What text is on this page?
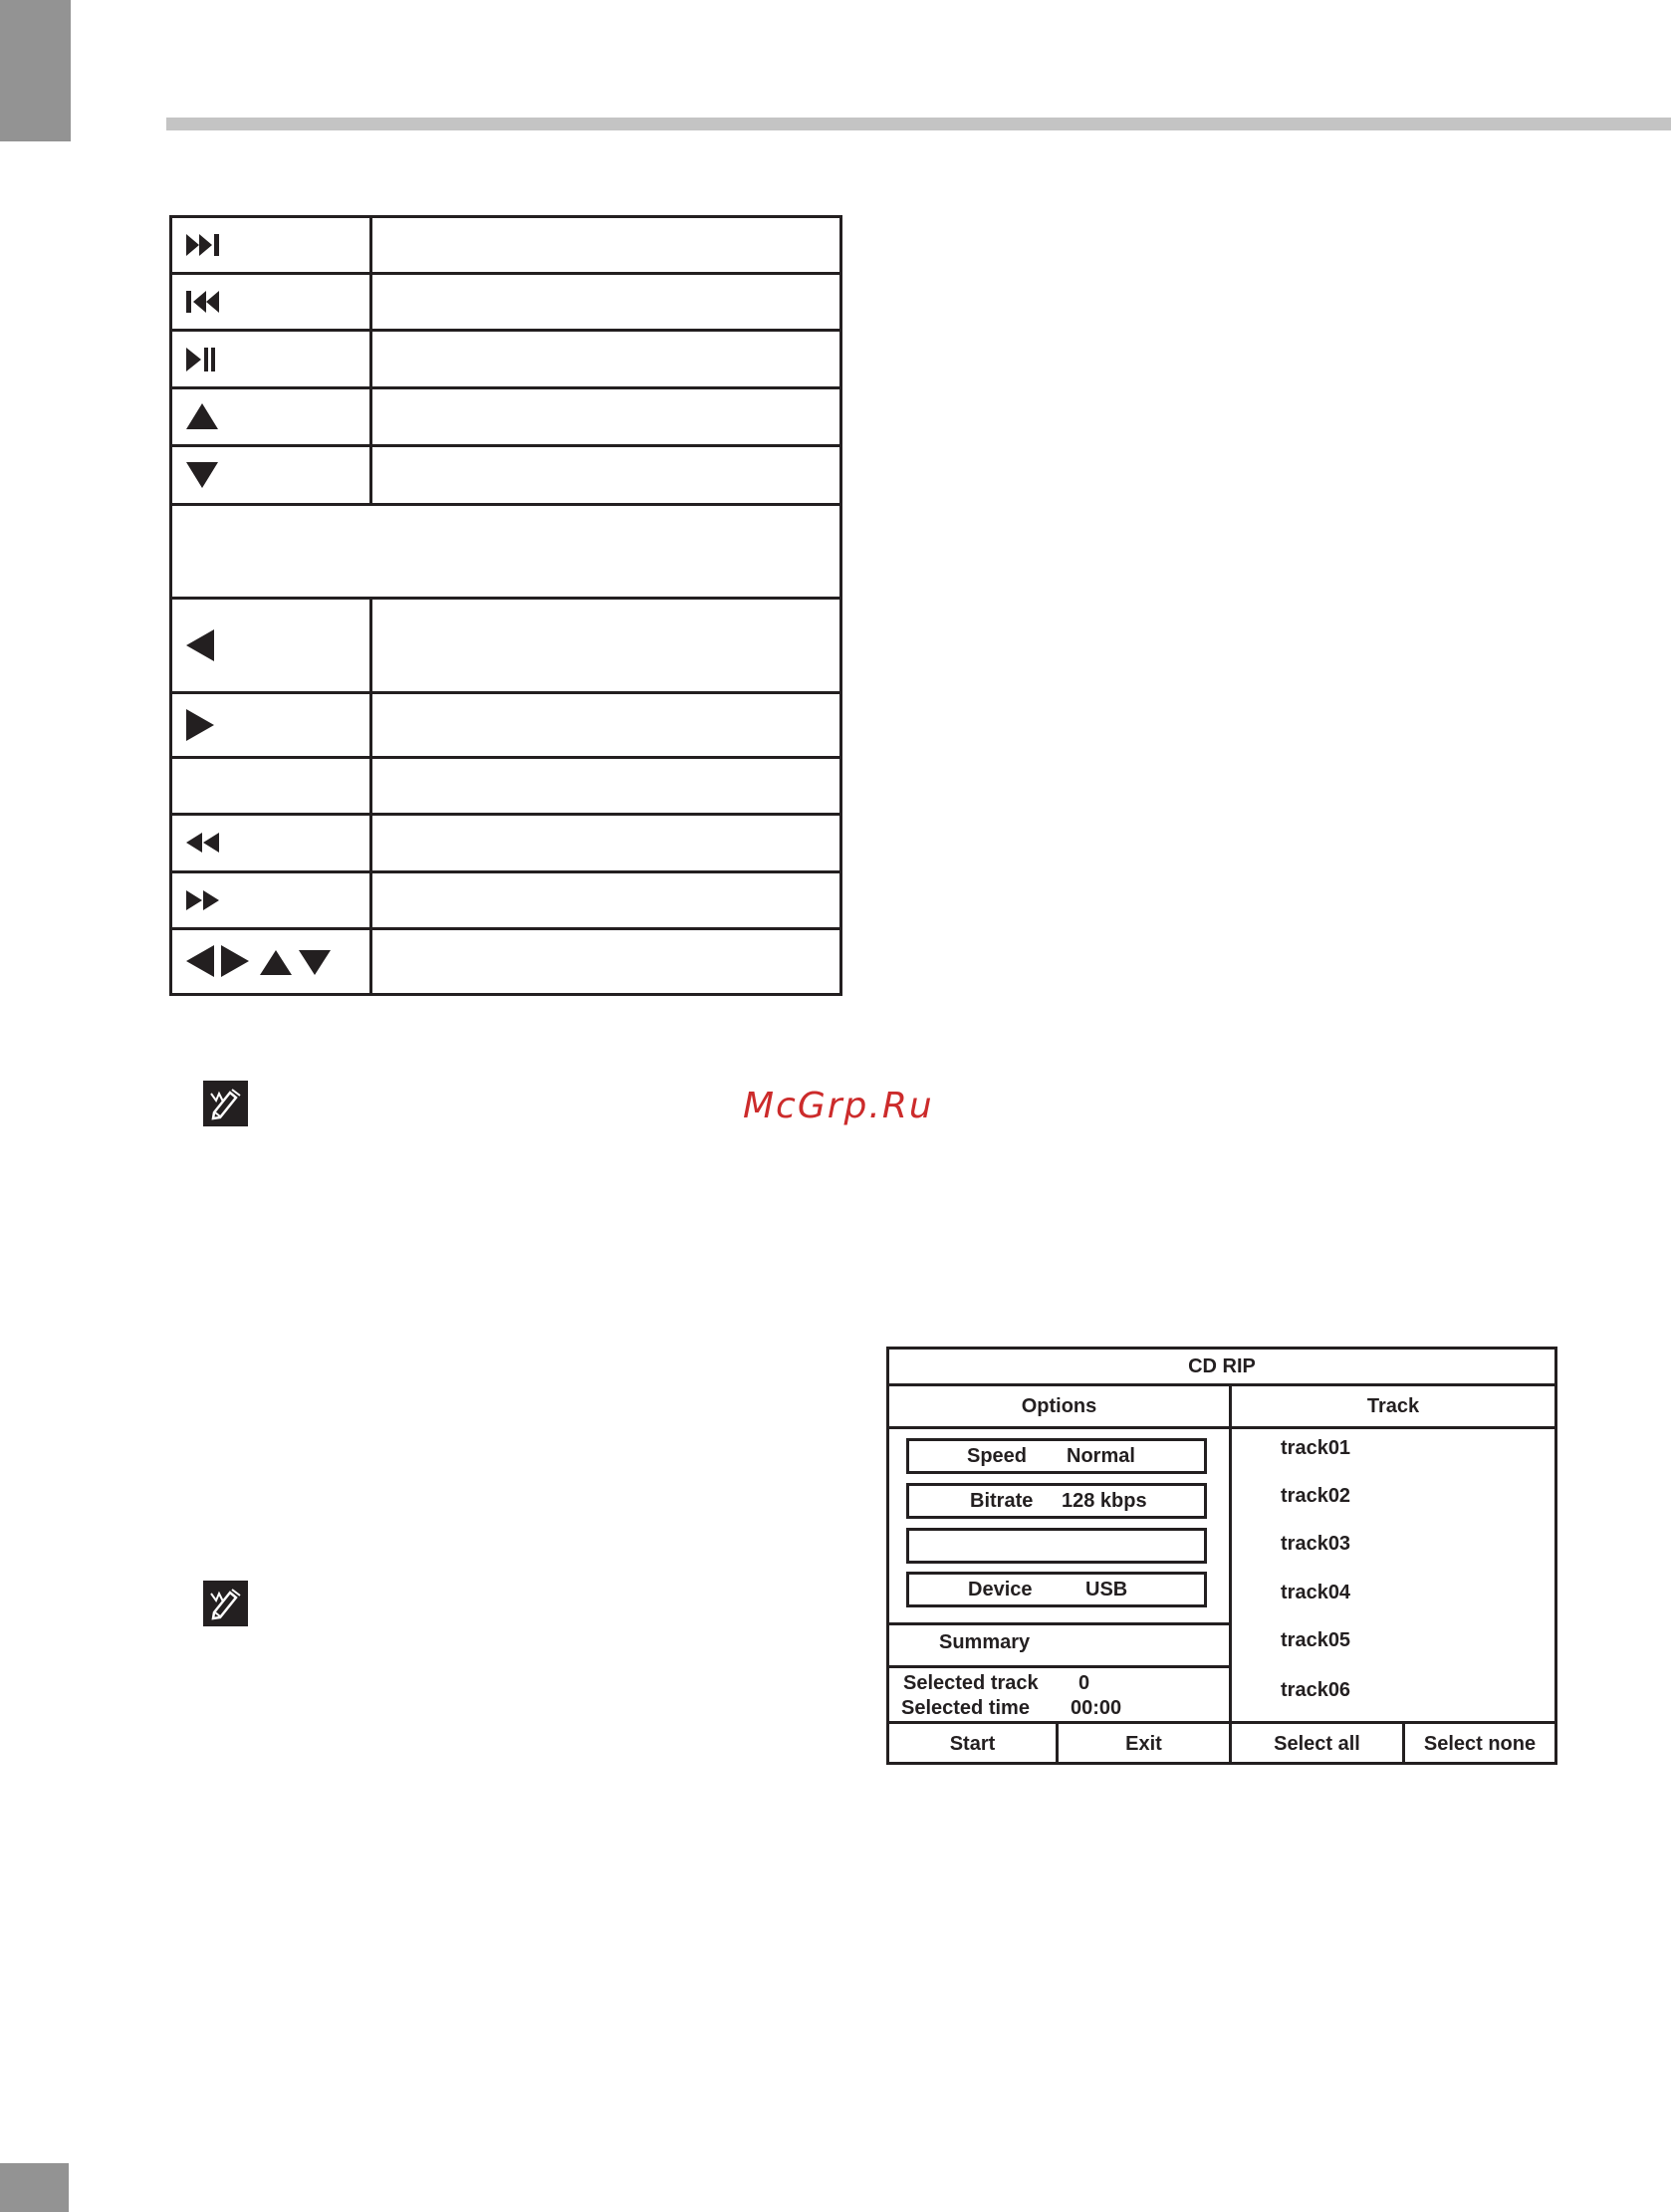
McGrp.Ru
CD RIP
Options	Track
Speed Normal
Bitrate 128 kbps
Device	USB
Summary
Selected track 0
Selected time 00:00
track01
track02
track03
track04
track05
track06
Start	Exit	Select all	Select none
